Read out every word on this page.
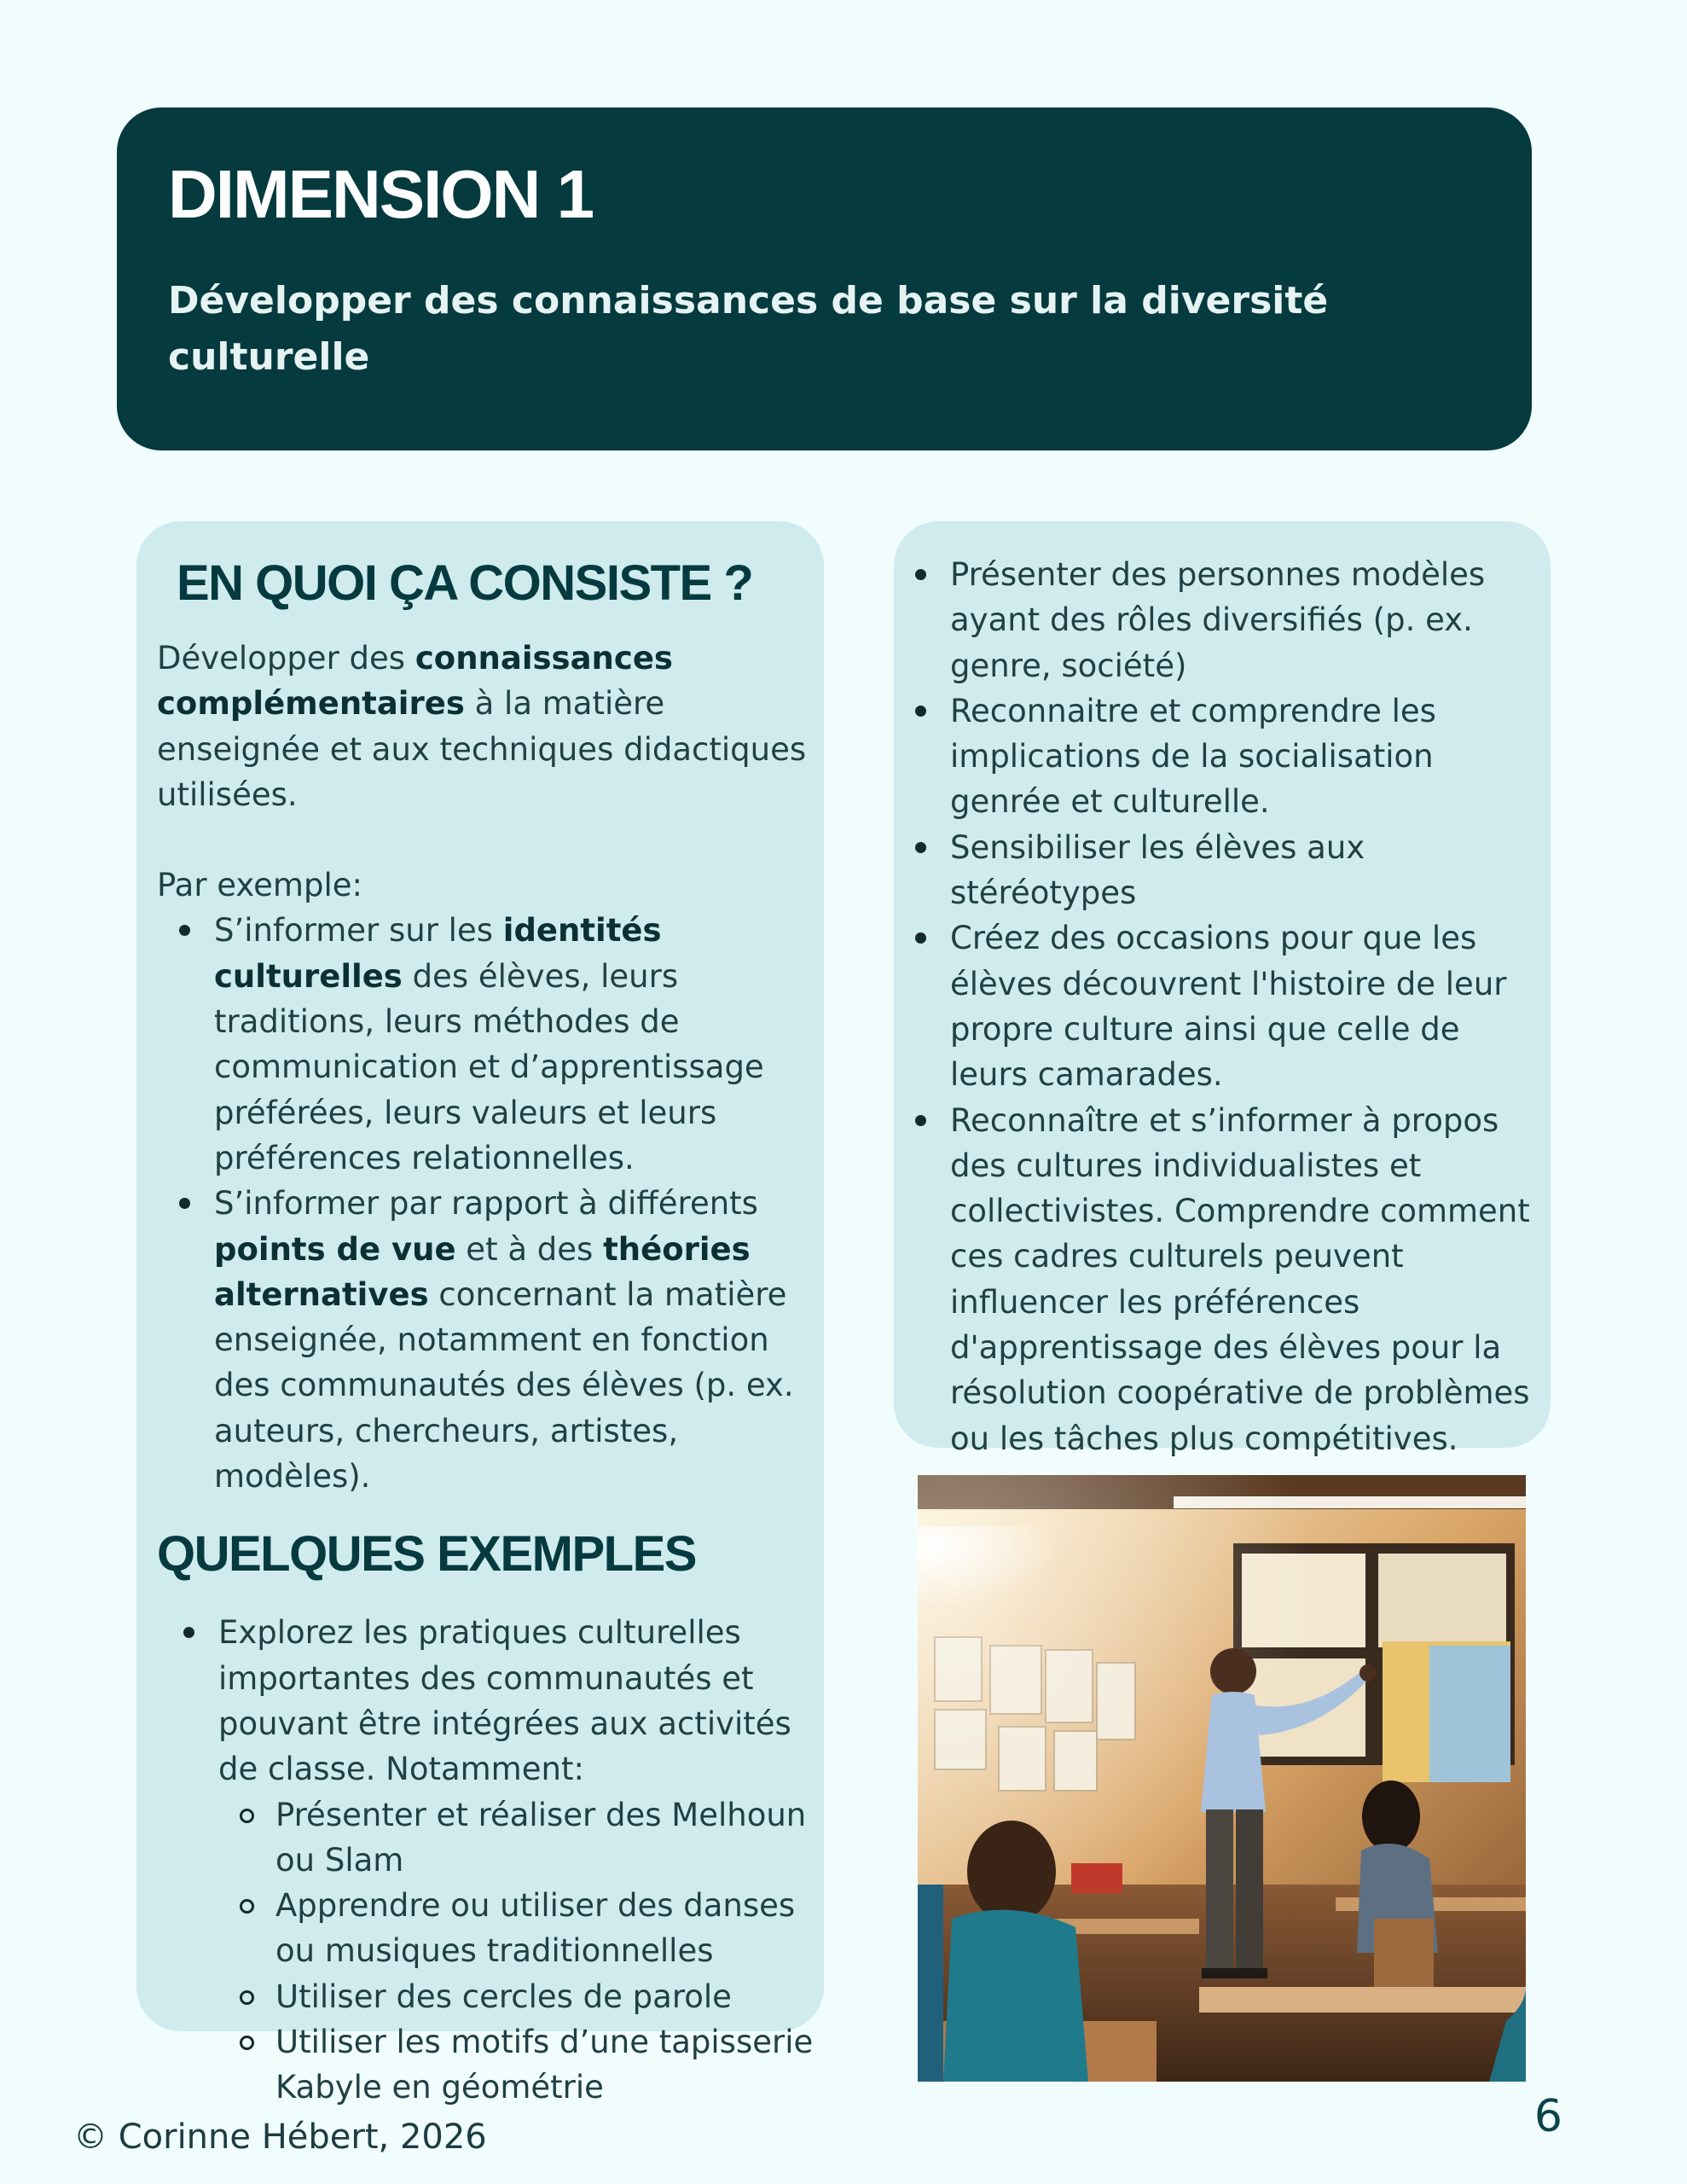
DIMENSION 1

Développer des connaissances de base sur la diversité culturelle

EN QUOI ÇA CONSISTE ?
Développer des connaissances complémentaires à la matière enseignée et aux techniques didactiques utilisées.
Par exemple:
S’informer sur les identités culturelles des élèves, leurs traditions, leurs méthodes de communication et d’apprentissage préférées, leurs valeurs et leurs préférences relationnelles.
S’informer par rapport à différents points de vue et à des théories alternatives concernant la matière enseignée, notamment en fonction des communautés des élèves (p. ex. auteurs, chercheurs, artistes, modèles).
QUELQUES EXEMPLES
Explorez les pratiques culturelles importantes des communautés et pouvant être intégrées aux activités de classe. Notamment:
Présenter et réaliser des Melhoun ou Slam
Apprendre ou utiliser des danses ou musiques traditionnelles
Utiliser des cercles de parole
Utiliser les motifs d’une tapisserie Kabyle en géométrie
Présenter des personnes modèles ayant des rôles diversifiés (p. ex. genre, société)
Reconnaitre et comprendre les implications de la socialisation genrée et culturelle.
Sensibiliser les élèves aux stéréotypes
Créez des occasions pour que les élèves découvrent l'histoire de leur propre culture ainsi que celle de leurs camarades.
Reconnaître et s’informer à propos des cultures individualistes et collectivistes. Comprendre comment ces cadres culturels peuvent influencer les préférences d'apprentissage des élèves pour la résolution coopérative de problèmes ou les tâches plus compétitives.
6
© Corinne Hébert, 2026
